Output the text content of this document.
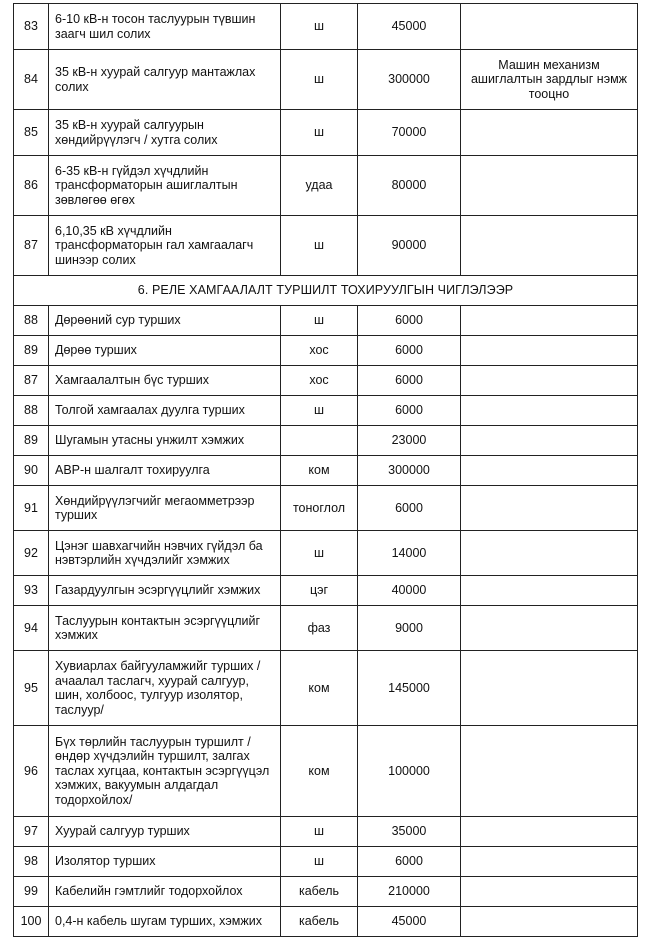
83	6-10 кВ-н тосон таслуурын түвшин заагч шил солих	ш	45000	
84	35 кВ-н хуурай салгуур мантажлах солих	ш	300000	Машин механизм ашиглалтын зардлыг нэмж тооцно
85	35 кВ-н хуурай салгуурын хөндийрүүлэгч / хутга солих	ш	70000	
86	6-35 кВ-н гүйдэл хүчдлийн трансформаторын ашиглалтын зөвлөгөө өгөх	удаа	80000	
87	6,10,35 кВ хүчдлийн трансформаторын гал хамгаалагч шинээр солих	ш	90000	
6. РЕЛЕ ХАМГААЛАЛТ ТУРШИЛТ ТОХИРУУЛГЫН ЧИГЛЭЛЭЭР				
88	Дөрөөний сур турших	ш	6000	
89	Дөрөө турших	хос	6000	
87	Хамгаалалтын бүс турших	хос	6000	
88	Толгой хамгаалах дуулга турших	ш	6000	
89	Шугамын утасны унжилт хэмжих		23000	
90	АВР-н шалгалт тохируулга	ком	300000	
91	Хөндийрүүлэгчийг мегаомметрээр турших	тоноглол	6000	
92	Цэнэг шавхагчийн нэвчих гүйдэл ба нэвтэрлийн хүчдэлийг хэмжих	ш	14000	
93	Газардуулгын эсэргүүцлийг хэмжих	цэг	40000	
94	Таслуурын контактын эсэргүүцлийг хэмжих	фаз	9000	
95	Хувиарлах байгууламжийг турших /ачаалал таслагч, хуурай салгуур, шин, холбоос, тулгуур изолятор, таслуур/	ком	145000	
96	Бүх төрлийн таслуурын туршилт /өндөр хүчдэлийн туршилт, залгах таслах хугцаа, контактын эсэргүүцэл хэмжих, вакуумын алдагдал тодорхойлох/	ком	100000	
97	Хуурай салгуур турших	ш	35000	
98	Изолятор турших	ш	6000	
99	Кабелийн гэмтлийг тодорхойлох	кабель	210000	
100	0,4-н кабель шугам турших, хэмжих	кабель	45000	
